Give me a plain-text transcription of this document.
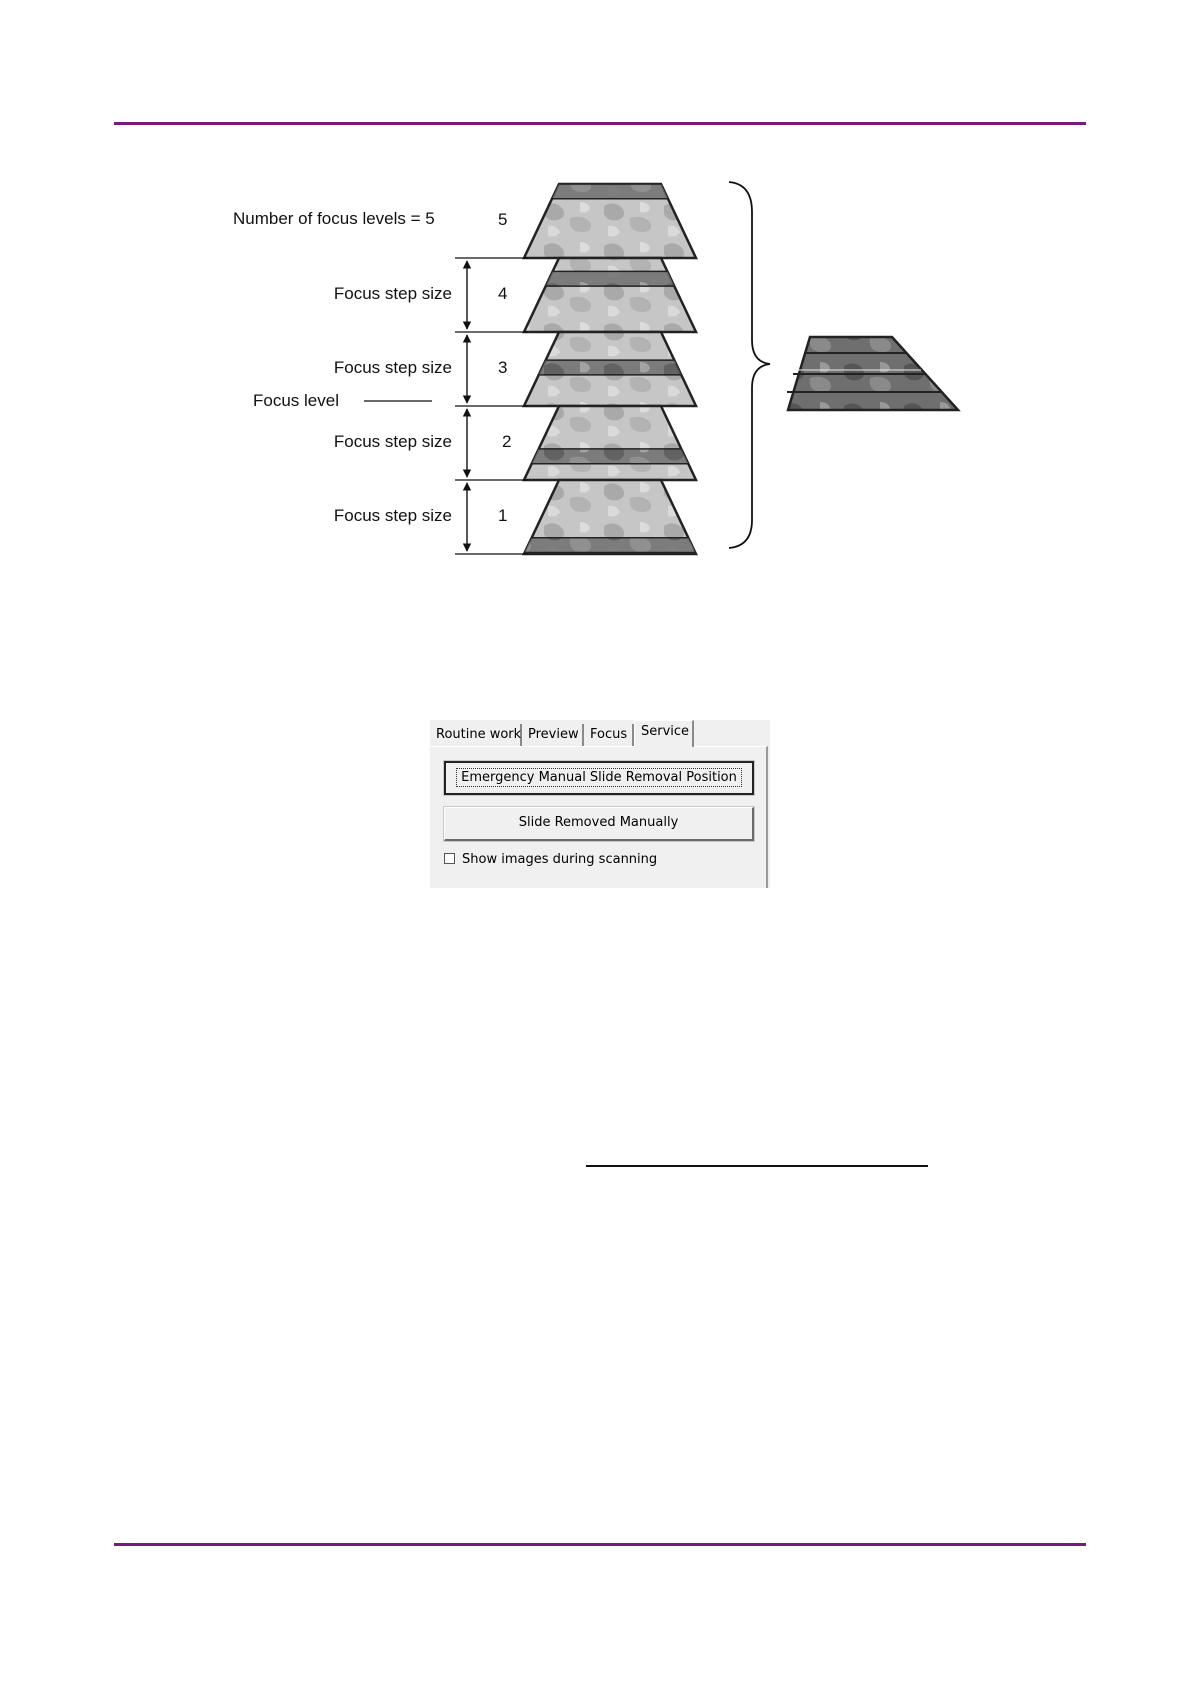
5
4
Focus step size
3
Focus step size
2
Focus step size
1
Focus step size
Number of focus levels = 5
Focus level
Routine work Preview Focus	Service
Emergency Manual Slide Removal Position
Slide Removed Manually
Show images during scanning
